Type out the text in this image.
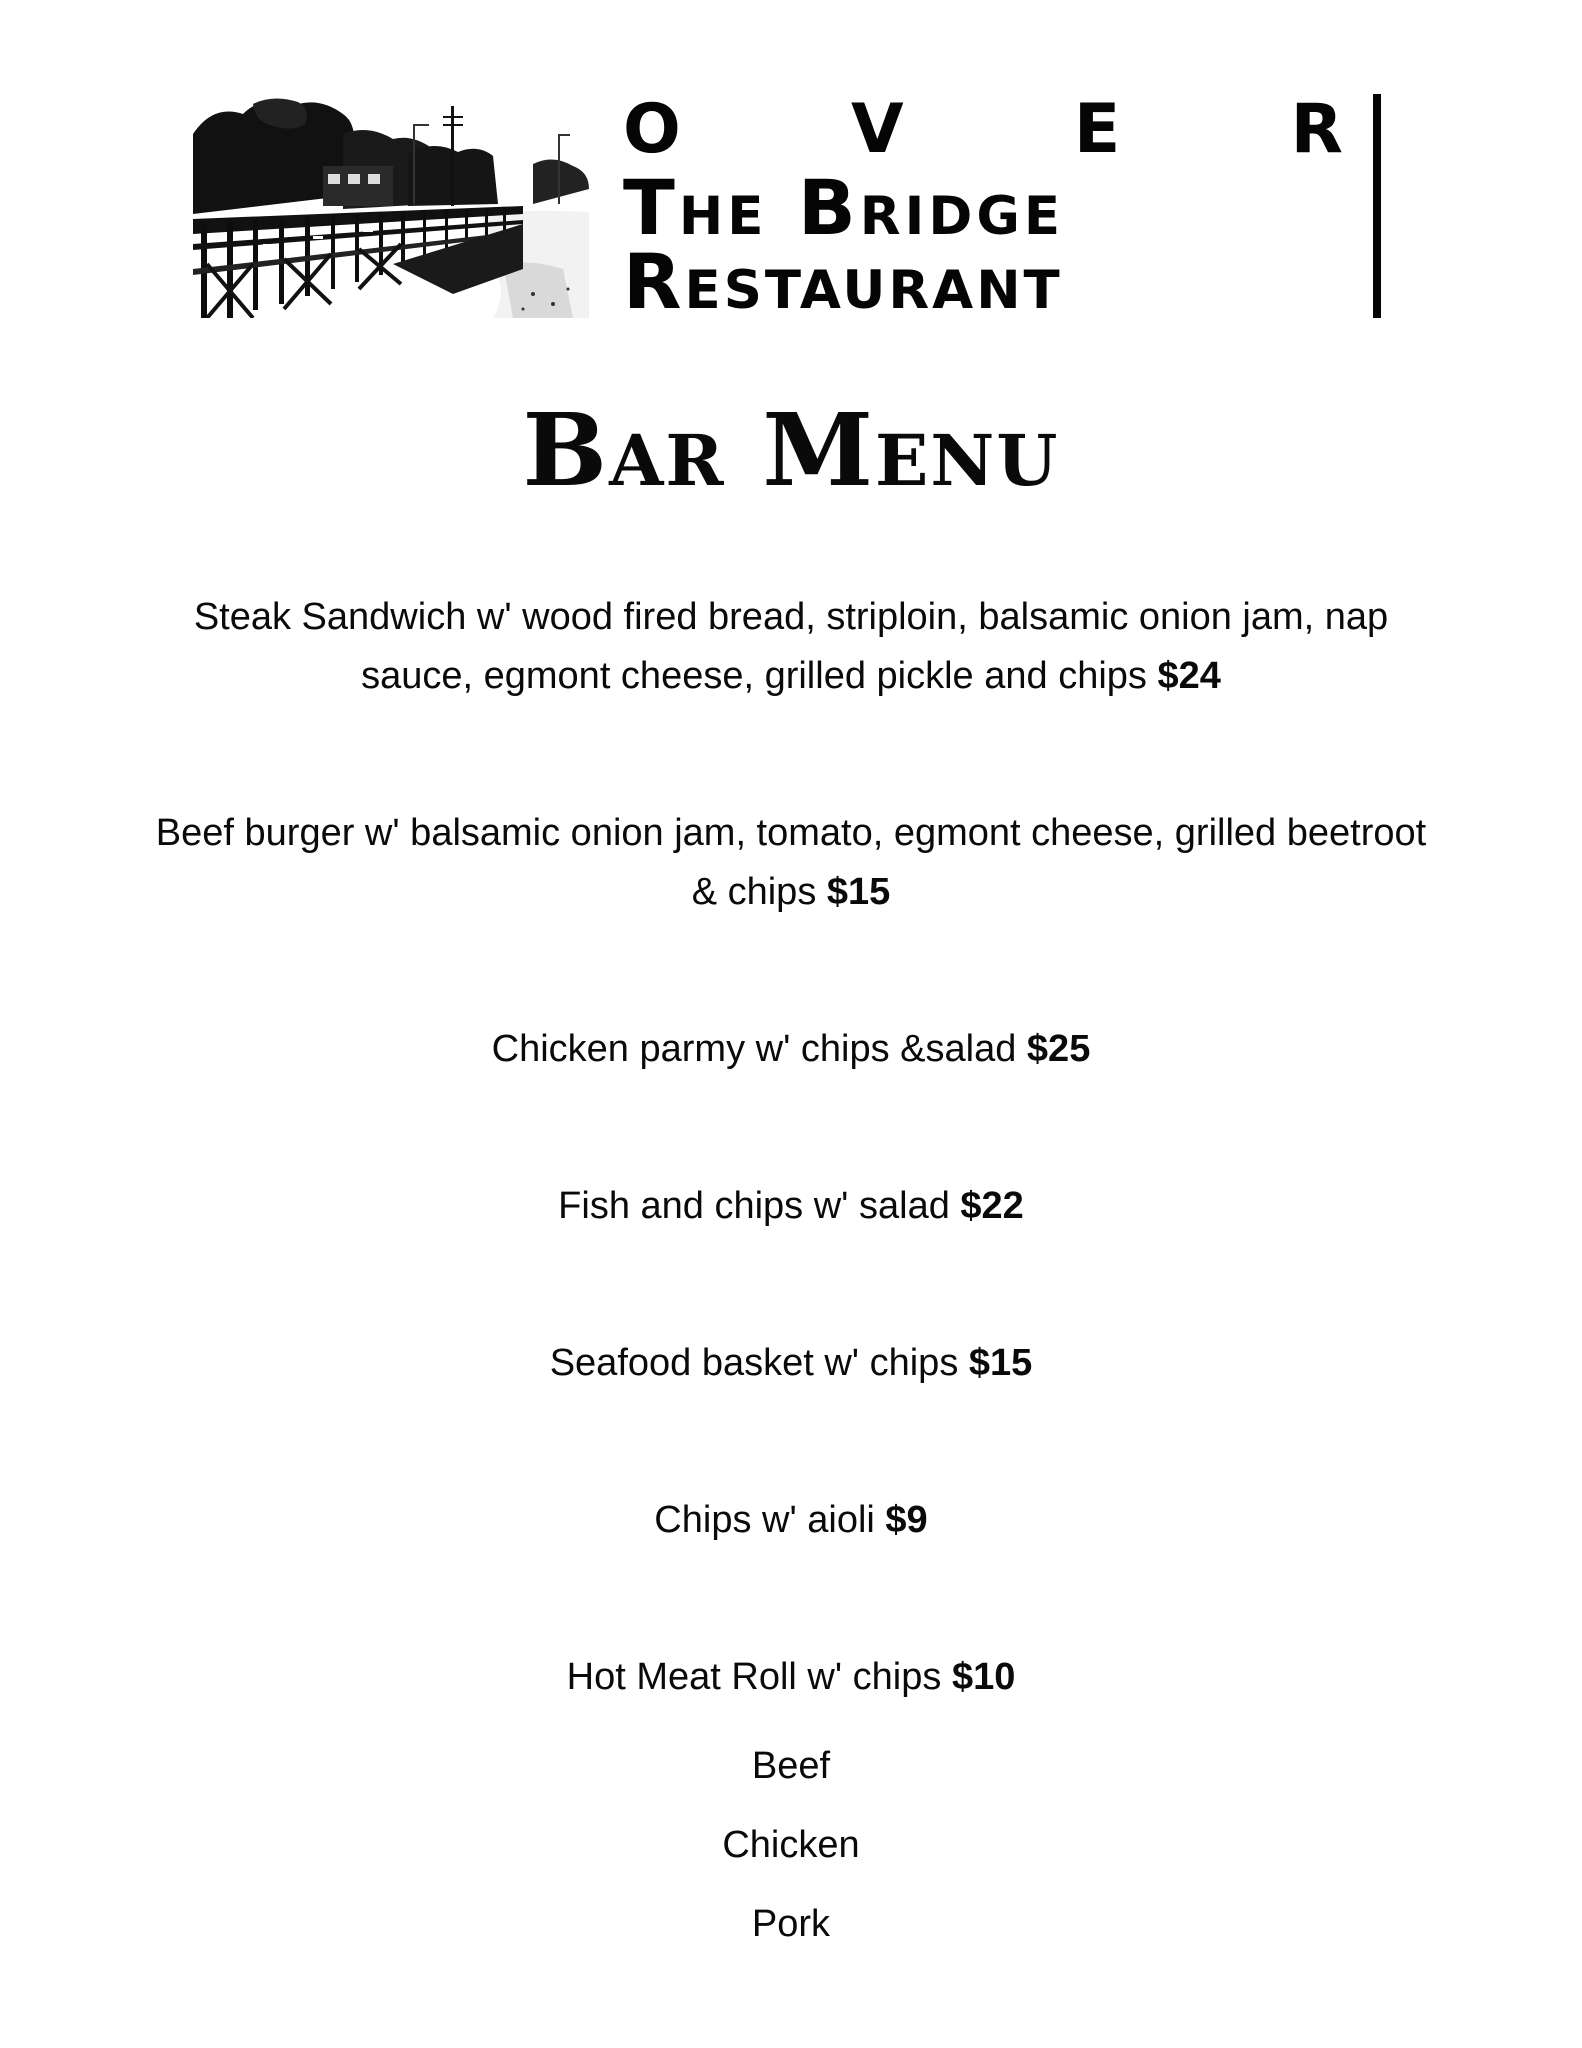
O	V	E	R
The Bridge
Restaurant
Bar Menu
Steak Sandwich w' wood fired bread, striploin, balsamic onion jam, nap sauce, egmont cheese, grilled pickle and chips $24
Beef burger w' balsamic onion jam, tomato, egmont cheese, grilled beetroot & chips $15
Chicken parmy w' chips &salad $25
Fish and chips w' salad $22
Seafood basket w' chips $15
Chips w' aioli $9
Hot Meat Roll w' chips $10
Beef
Chicken
Pork
